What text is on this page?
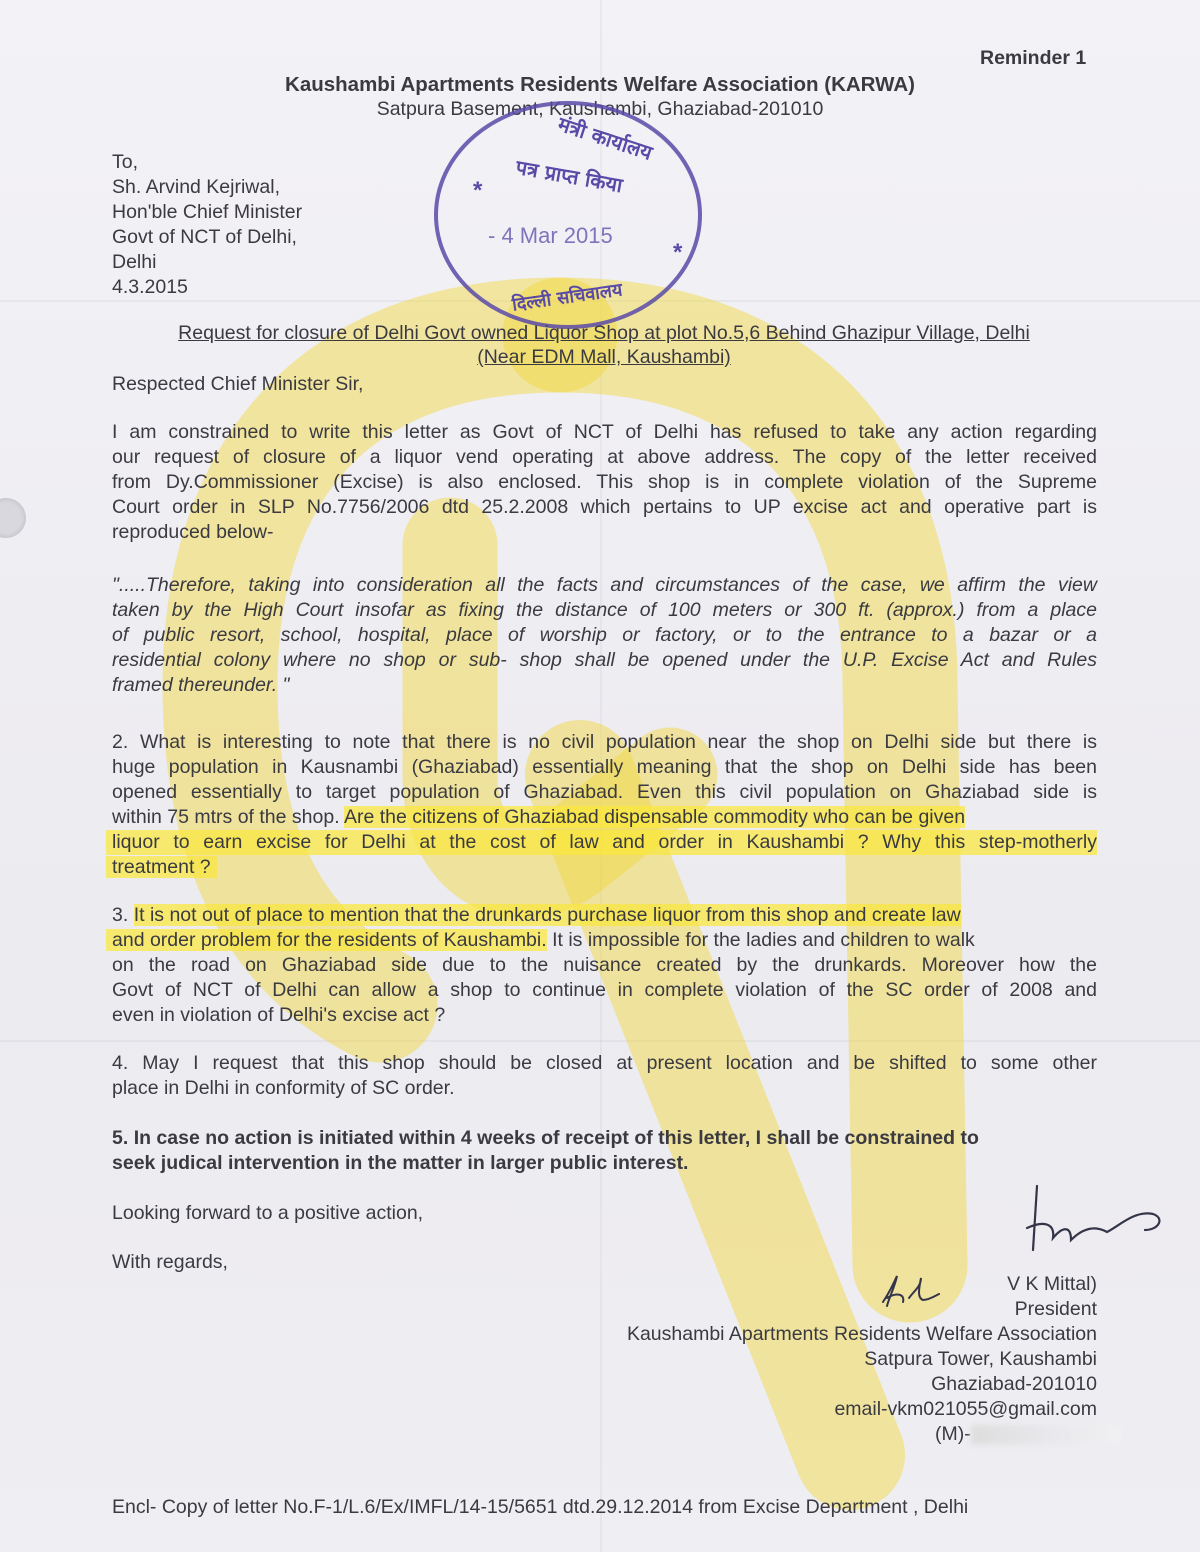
Reminder 1
Kaushambi Apartments Residents Welfare Association (KARWA)
Satpura Basement, Kaushambi, Ghaziabad-201010
To,
Sh. Arvind Kejriwal,
Hon'ble Chief Minister
Govt of NCT of Delhi,
Delhi
4.3.2015
मंत्री कार्यालय
पत्र प्राप्त किया
*
*
- 4 Mar 2015
दिल्ली सचिवालय
Request for closure of Delhi Govt owned Liquor Shop at plot No.5,6 Behind Ghazipur Village, Delhi
(Near EDM Mall, Kaushambi)
Respected Chief Minister Sir,
I am constrained to write this letter as Govt of NCT of Delhi has refused to take any action regarding
our request of closure of a liquor vend operating at above address. The copy of the letter received
from Dy.Commissioner (Excise) is also enclosed. This shop is in complete violation of the Supreme
Court order in SLP No.7756/2006 dtd 25.2.2008 which pertains to UP excise act and operative part is
reproduced below-
".....Therefore, taking into consideration all the facts and circumstances of the case, we affirm the view
taken by the High Court insofar as fixing the distance of 100 meters or 300 ft. (approx.) from a place
of public resort, school, hospital, place of worship or factory, or to the entrance to a bazar or a
residential colony where no shop or sub- shop shall be opened under the U.P. Excise Act and Rules
framed thereunder. "
2. What is interesting to note that there is no civil population near the shop on Delhi side but there is
huge population in Kausnambi (Ghaziabad) essentially meaning that the shop on Delhi side has been
opened essentially to target population of Ghaziabad. Even this civil population on Ghaziabad side is
within 75 mtrs of the shop. Are the citizens of Ghaziabad dispensable commodity who can be given
liquor to earn excise for Delhi at the cost of law and order in Kaushambi ? Why this step-motherly
treatment ?
3. It is not out of place to mention that the drunkards purchase liquor from this shop and create law
and order problem for the residents of Kaushambi. It is impossible for the ladies and children to walk
on the road on Ghaziabad side due to the nuisance created by the drunkards. Moreover how the
Govt of NCT of Delhi can allow a shop to continue in complete violation of the SC order of 2008 and
even in violation of Delhi's excise act ?
4. May I request that this shop should be closed at present location and be shifted to some other
place in Delhi in conformity of SC order.
5. In case no action is initiated within 4 weeks of receipt of this letter, I shall be constrained to
seek judical intervention in the matter in larger public interest.
Looking forward to a positive action,
With regards,
V K Mittal)
President
Kaushambi Apartments Residents Welfare Association
Satpura Tower, Kaushambi
Ghaziabad-201010
email-vkm021055@gmail.com
(M)-
Encl- Copy of letter No.F-1/L.6/Ex/IMFL/14-15/5651 dtd.29.12.2014 from Excise Department , Delhi
